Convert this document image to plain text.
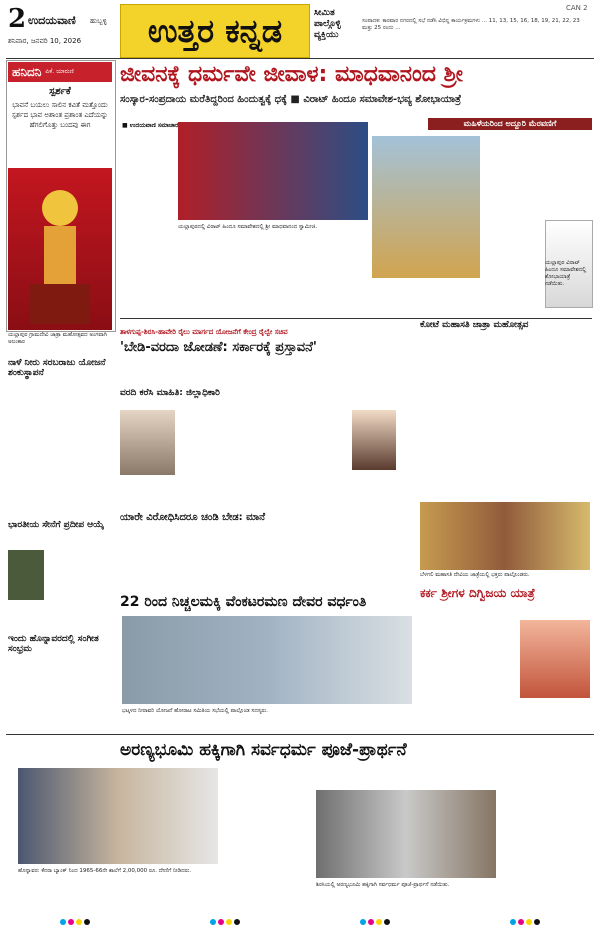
2 ಉದಯವಾಣಿ ಹುಬ್ಬಳ್ಳಿ
ಶನಿವಾರ, ಜನವರಿ 10, 2026	ಉತ್ತರ ಕನ್ನಡ	ಸೀಮಿತ ಪಾಲ್ಗೊಳ್ಳಿ ವ್ಯಕ್ತಿಯು
ಸಂಪಾದಕ: ಕಾರವಾರ ನಗರದಲ್ಲಿ ಸಭೆ ನಡೆಸಿ ವಿಭಿನ್ನ ಕಾರ್ಯಕ್ರಮಗಳು ... 11, 13, 15, 16, 18, 19, 21, 22, 23 ಮತ್ತು 25 ರಂದು ...
CAN 2
ಹನಿದನಿ ಪಿಕೆ. ಯಾರುಣಿ
ಸ್ಪರ್ಶಕೆ
ಭಾವನೆ ಬಯಲು ಸಾಲಿನ ಕವಿತೆ ಮತ್ತೊಂದು ಸ್ಪರ್ಶದ ಭಾವ ಅಶಾಂತ ಪ್ರಶಾಂತ ಎದೆಯನ್ನು ಹೆಗಲಿಗೊತ್ತು ಬಂದವು ಈಗ
ಯಲ್ಲಾಪುರ ಗ್ರಾಮದೇವಿ ಜಾತ್ರಾ ಮಹೋತ್ಸವದ ಅಂಗವಾಗಿ ಅಲಂಕಾರ
ನಾಳೆ ನೀರು ಸರಬರಾಜು ಯೋಜನೆ ಶಂಕುಸ್ಥಾಪನೆ
ಭಾರತೀಯ ಸೇನೆಗೆ ಪ್ರದೀಪ ಆಯ್ಕೆ
ಇಂದು ಹೊನ್ನಾವರದಲ್ಲಿ ಸಂಗೀತ ಸಂಭ್ರಮ
ಜೀವನಕ್ಕೆ ಧರ್ಮವೇ ಜೀವಾಳ: ಮಾಧವಾನಂದ ಶ್ರೀ
ಸಂಸ್ಕಾರ-ಸಂಪ್ರದಾಯ ಮರೆತಿದ್ದರಿಂದ ಹಿಂದುತ್ವಕ್ಕೆ ಧಕ್ಕೆ ■ ವಿರಾಟ್ ಹಿಂದೂ ಸಮಾವೇಶ-ಭವ್ಯ ಶೋಭಾಯಾತ್ರೆ
ಮಹಿಳೆಯರಿಂದ ಅದ್ದೂರಿ ಮೆರವಣಿಗೆ
■ ಉದಯವಾಣಿ ಸಮಾಚಾರ
ಯಲ್ಲಾಪುರದಲ್ಲಿ ವಿರಾಟ್ ಹಿಂದೂ ಸಮಾವೇಶದಲ್ಲಿ ಶ್ರೀ ಮಾಧವಾನಂದ ಸ್ವಾಮೀಜಿ.
ಯಲ್ಲಾಪುರ ವಿರಾಟ್ ಹಿಂದೂ ಸಮಾವೇಶದಲ್ಲಿ ಶೋಭಾಯಾತ್ರೆ ನಡೆಯಿತು.
ತಾಳಗುಪ್ಪ-ಶಿರಸಿ-ಹಾವೇರಿ ರೈಲು ಮಾರ್ಗದ ಯೋಜನೆಗೆ ಕೇಂದ್ರ ರೈಲ್ವೇ ಸಚಿವ
'ಬೇಡಿ-ವರದಾ ಜೋಡಣೆ: ಸರ್ಕಾರಕ್ಕೆ ಪ್ರಸ್ತಾವನೆ'
ವರದಿ ಕರೆಸಿ ಮಾಹಿತಿ: ಜಿಲ್ಲಾಧಿಕಾರಿ
ಯಾರೇ ವಿರೋಧಿಸಿದರೂ ಚಂಡಿ ಬೇಡ: ಮಾನೆ
ಕೋಟೆ ಮಹಾಸತಿ ಜಾತ್ರಾ ಮಹೋತ್ಸವ
ಬೆಳಗಲಿ ಮಹಾಸತಿ ದೇವಿಯ ಜಾತ್ರೆಯಲ್ಲಿ ಭಕ್ತರು ಪಾಲ್ಗೊಂಡರು.
22 ರಿಂದ ನಿಚ್ಚಲಮಕ್ಕಿ ವೆಂಕಟರಮಣ ದೇವರ ವರ್ಧಂತಿ
ಭಟ್ಕಳದ ನೀರಾವರಿ ಯೋಜನೆ ಹೋರಾಟ ಸಮಿತಿಯ ಸಭೆಯಲ್ಲಿ ಪಾಲ್ಗೊಂಡ ಸದಸ್ಯರು.
ಕರ್ಕ ಶ್ರೀಗಳ ದಿಗ್ವಿಜಯ ಯಾತ್ರೆ
ಅರಣ್ಯಭೂಮಿ ಹಕ್ಕಿಗಾಗಿ ಸರ್ವಧರ್ಮ ಪೂಜೆ-ಪ್ರಾರ್ಥನೆ
ಹೊನ್ನಾವರ: ಕೆನರಾ ಬ್ಯಾಂಕ್ ನಿಂದ 1965-66ನೇ ಶಾಲೆಗೆ 2,00,000 ರೂ. ದೇಣಿಗೆ ನೀಡಿದರು.
ಶಿರಸಿಯಲ್ಲಿ ಅರಣ್ಯಭೂಮಿ ಹಕ್ಕಿಗಾಗಿ ಸರ್ವಧರ್ಮ ಪೂಜೆ-ಪ್ರಾರ್ಥನೆ ನಡೆಯಿತು.
